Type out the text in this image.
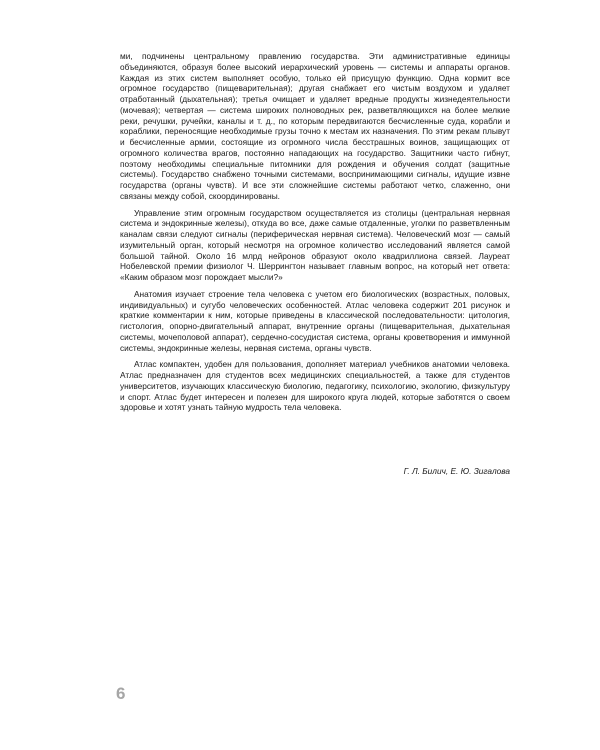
ми, подчинены центральному правлению государства. Эти административные единицы объединяются, образуя более высокий иерархический уровень — системы и аппараты органов. Каждая из этих систем выполняет особую, только ей присущую функцию. Одна кормит все огромное государство (пищеварительная); другая снабжает его чистым воздухом и удаляет отработанный (дыхательная); третья очищает и удаляет вредные продукты жизнедеятельности (мочевая); четвертая — система широких полноводных рек, разветвляющихся на более мелкие реки, речушки, ручейки, каналы и т. д., по которым передвигаются бесчисленные суда, корабли и кораблики, переносящие необходимые грузы точно к местам их назначения. По этим рекам плывут и бесчисленные армии, состоящие из огромного числа бесстрашных воинов, защищающих от огромного количества врагов, постоянно нападающих на государство. Защитники часто гибнут, поэтому необходимы специальные питомники для рождения и обучения солдат (защитные системы). Государство снабжено точными системами, воспринимающими сигналы, идущие извне государства (органы чувств). И все эти сложнейшие системы работают четко, слаженно, они связаны между собой, скоординированы.

Управление этим огромным государством осуществляется из столицы (центральная нервная система и эндокринные железы), откуда во все, даже самые отдаленные, уголки по разветвленным каналам связи следуют сигналы (периферическая нервная система). Человеческий мозг — самый изумительный орган, который несмотря на огромное количество исследований является самой большой тайной. Около 16 млрд нейронов образуют около квадриллиона связей. Лауреат Нобелевской премии физиолог Ч. Шеррингтон называет главным вопрос, на который нет ответа: «Каким образом мозг порождает мысли?»

Анатомия изучает строение тела человека с учетом его биологических (возрастных, половых, индивидуальных) и сугубо человеческих особенностей. Атлас человека содержит 201 рисунок и краткие комментарии к ним, которые приведены в классической последовательности: цитология, гистология, опорно-двигательный аппарат, внутренние органы (пищеварительная, дыхательная системы, мочеполовой аппарат), сердечно-сосудистая система, органы кроветворения и иммунной системы, эндокринные железы, нервная система, органы чувств.

Атлас компактен, удобен для пользования, дополняет материал учебников анатомии человека. Атлас предназначен для студентов всех медицинских специальностей, а также для студентов университетов, изучающих классическую биологию, педагогику, психологию, экологию, физкультуру и спорт. Атлас будет интересен и полезен для широкого круга людей, которые заботятся о своем здоровье и хотят узнать тайную мудрость тела человека.

Г. Л. Билич, Е. Ю. Зигалова
6
